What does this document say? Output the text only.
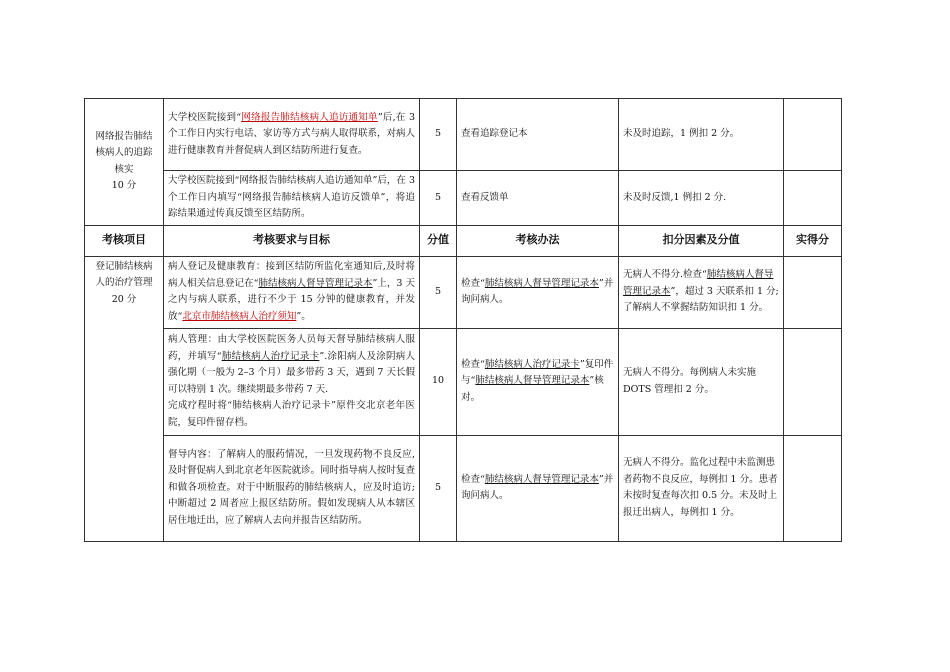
网络报告肺结
核病人的追踪
核实
10 分	大学校医院接到“网络报告肺结核病人追访通知单”后,在 3 个工作日内实行电话、家访等方式与病人取得联系，对病人进行健康教育并督促病人到区结防所进行复查。	5	查看追踪登记本	未及时追踪，1 例扣 2 分。	
	大学校医院接到“网络报告肺结核病人追访通知单”后，在 3 个工作日内填写“网络报告肺结核病人追访反馈单”，将追踪结果通过传真反馈至区结防所。	5	查看反馈单	未及时反馈,1 例扣 2 分.	
考核项目	考核要求与目标	分值	考核办法	扣分因素及分值	实得分

登记肺结核病
人的治疗管理
20 分	病人登记及健康教育：接到区结防所监化室通知后,及时将病人相关信息登记在“肺结核病人督导管理记录本”上，3 天之内与病人联系，进行不少于 15 分钟的健康教育，并发放“北京市肺结核病人治疗须知”。	5	检查“肺结核病人督导管理记录本”并询问病人。	无病人不得分.检查“肺结核病人督导管理记录本”，超过 3 天联系扣 1 分;了解病人不掌握结防知识扣 1 分。	
	病人管理：由大学校医院医务人员每天督导肺结核病人服药，并填写“肺结核病人治疗记录卡”.涂阳病人及涂阴病人强化期（一般为 2–3 个月）最多带药 3 天，遇到 7 天长假可以特别 1 次。继续期最多带药 7 天.
完成疗程时将“肺结核病人治疗记录卡”原件交北京老年医院，复印件留存档。	10	检查“肺结核病人治疗记录卡”复印件与“肺结核病人督导管理记录本”核对。	无病人不得分。每例病人未实施DOTS 管理扣 2 分。	
	督导内容：了解病人的服药情况，一旦发现药物不良反应,及时督促病人到北京老年医院就诊。同时指导病人按时复查和做各项检查。对于中断服药的肺结核病人，应及时追访;中断超过 2 周者应上报区结防所。假如发现病人从本辖区居住地迁出，应了解病人去向并报告区结防所。	5	检查“肺结核病人督导管理记录本”并询问病人。	无病人不得分。监化过程中未监测患者药物不良反应，每例扣 1 分。患者未按时复查每次扣 0.5 分。未及时上报迁出病人，每例扣 1 分。	
